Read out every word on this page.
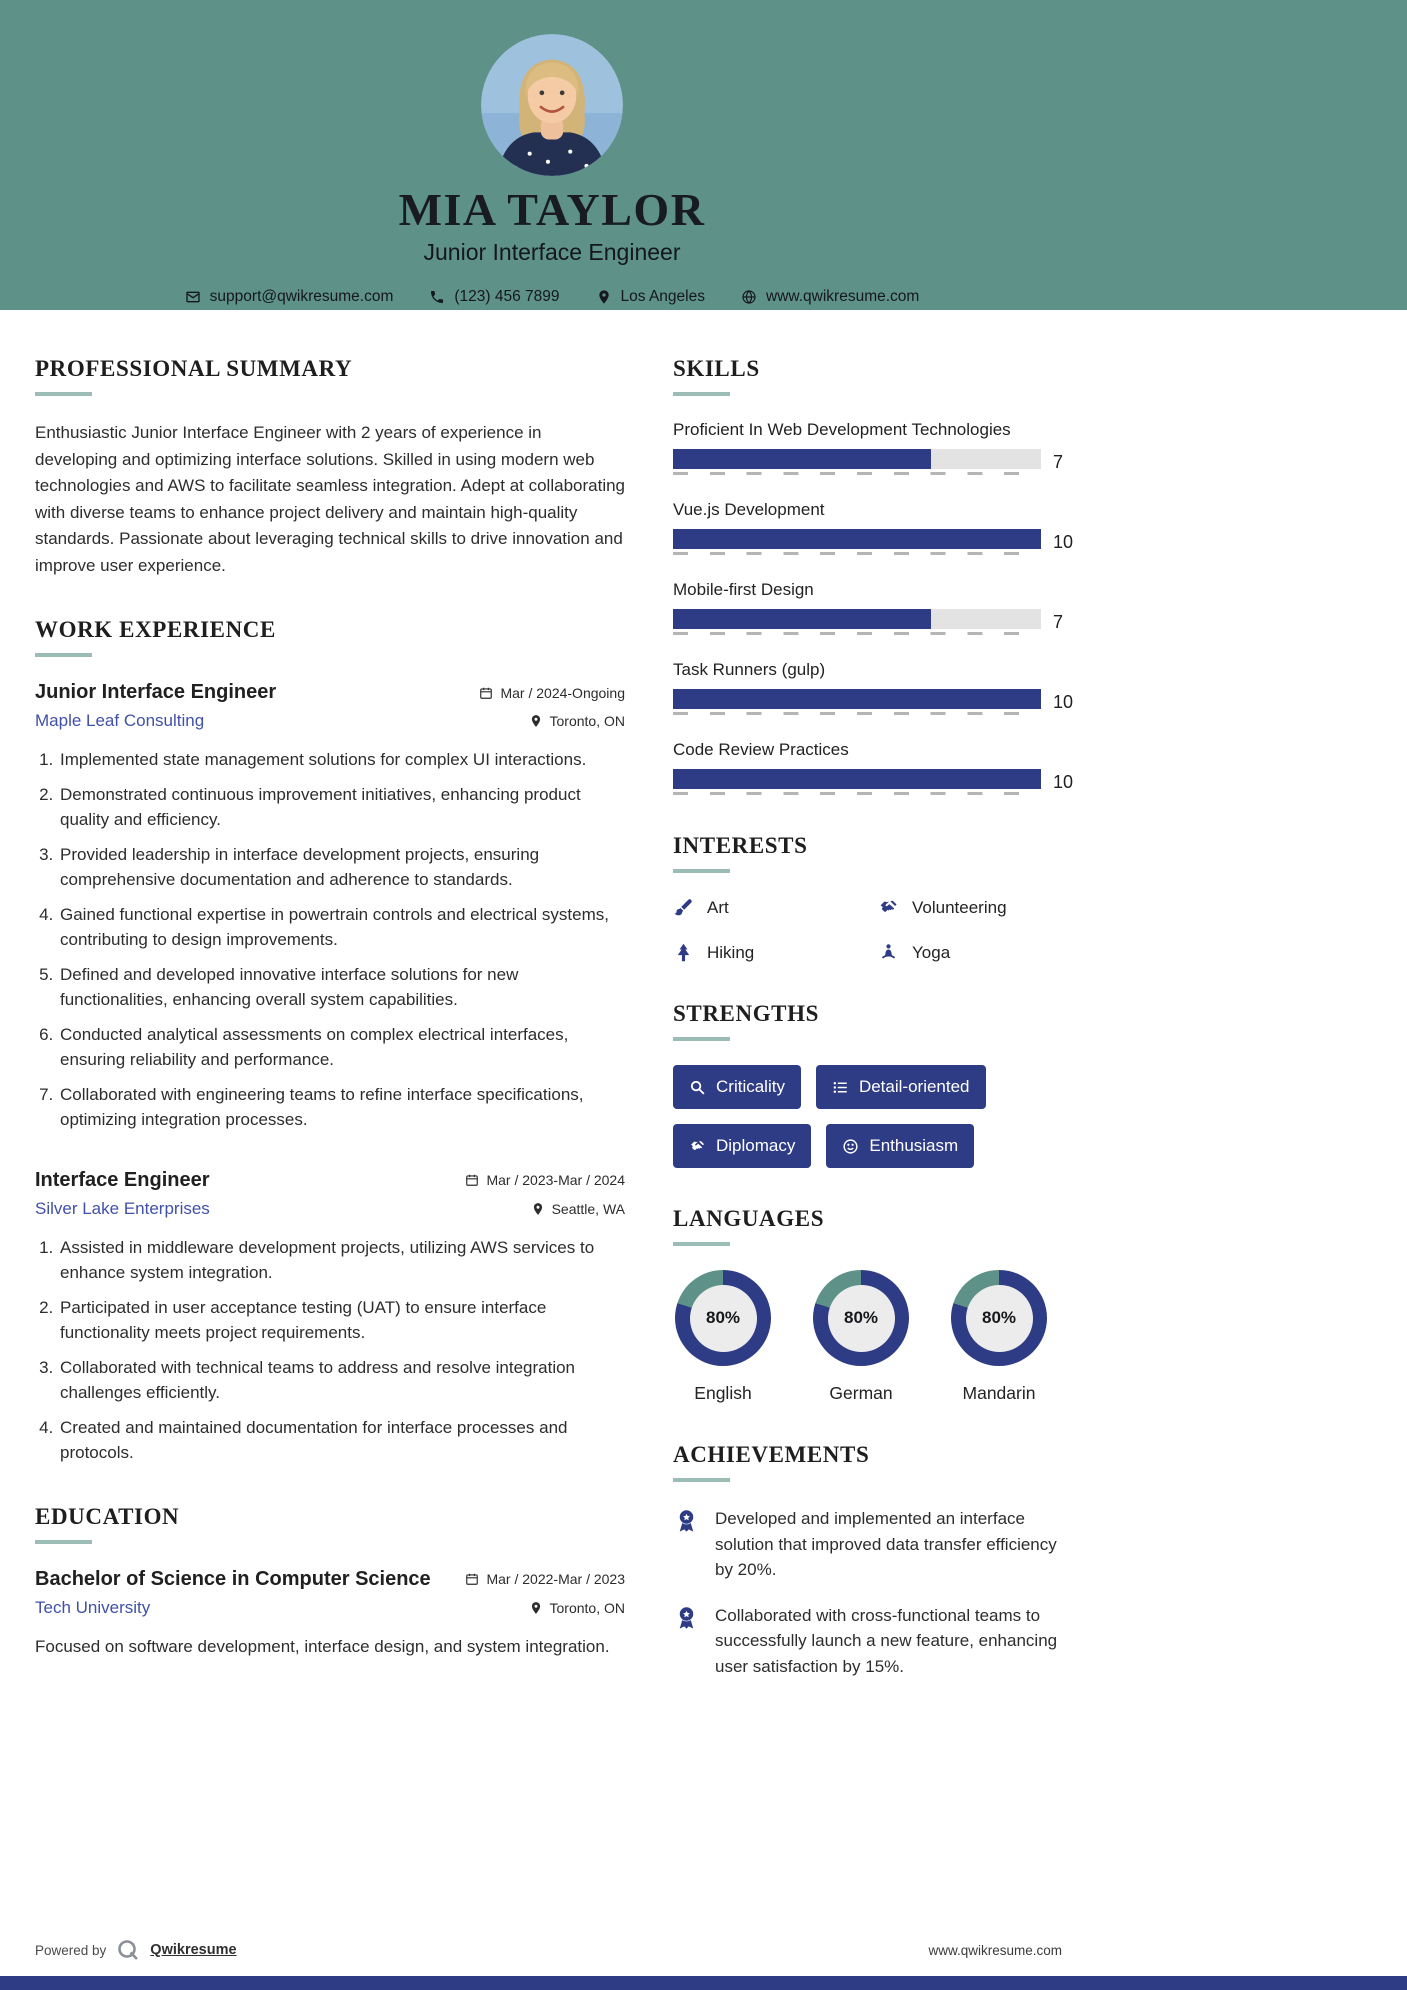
MIA TAYLOR
Junior Interface Engineer
support@qwikresume.com	(123) 456 7899	Los Angeles	www.qwikresume.com
PROFESSIONAL SUMMARY

Enthusiastic Junior Interface Engineer with 2 years of experience in developing and optimizing interface solutions. Skilled in using modern web technologies and AWS to facilitate seamless integration. Adept at collaborating with diverse teams to enhance project delivery and maintain high-quality standards. Passionate about leveraging technical skills to drive innovation and improve user experience.

WORK EXPERIENCE
Junior Interface Engineer	Mar / 2024-Ongoing
Maple Leaf Consulting	Toronto, ON
1. Implemented state management solutions for complex UI interactions.
2. Demonstrated continuous improvement initiatives, enhancing product quality and efficiency.
3. Provided leadership in interface development projects, ensuring comprehensive documentation and adherence to standards.
4. Gained functional expertise in powertrain controls and electrical systems, contributing to design improvements.
5. Defined and developed innovative interface solutions for new functionalities, enhancing overall system capabilities.
6. Conducted analytical assessments on complex electrical interfaces, ensuring reliability and performance.
7. Collaborated with engineering teams to refine interface specifications, optimizing integration processes.
Interface Engineer	Mar / 2023-Mar / 2024
Silver Lake Enterprises	Seattle, WA
1. Assisted in middleware development projects, utilizing AWS services to enhance system integration.
2. Participated in user acceptance testing (UAT) to ensure interface functionality meets project requirements.
3. Collaborated with technical teams to address and resolve integration challenges efficiently.
4. Created and maintained documentation for interface processes and protocols.
EDUCATION
Bachelor of Science in Computer Science	Mar / 2022-Mar / 2023
Tech University	Toronto, ON

Focused on software development, interface design, and system integration.

SKILLS
Proficient In Web Development Technologies
7
Vue.js Development
10
Mobile-first Design
7
Task Runners (gulp)
10
Code Review Practices
10
INTERESTS
Art	Volunteering
Hiking	Yoga
STRENGTHS
Criticality	Detail-oriented
Diplomacy	Enthusiasm
LANGUAGES
80%
English
80%
German
80%
Mandarin
ACHIEVEMENTS
Developed and implemented an interface solution that improved data transfer efficiency by 20%.
Collaborated with cross-functional teams to successfully launch a new feature, enhancing user satisfaction by 15%.
Powered by	Qwikresume	www.qwikresume.com
